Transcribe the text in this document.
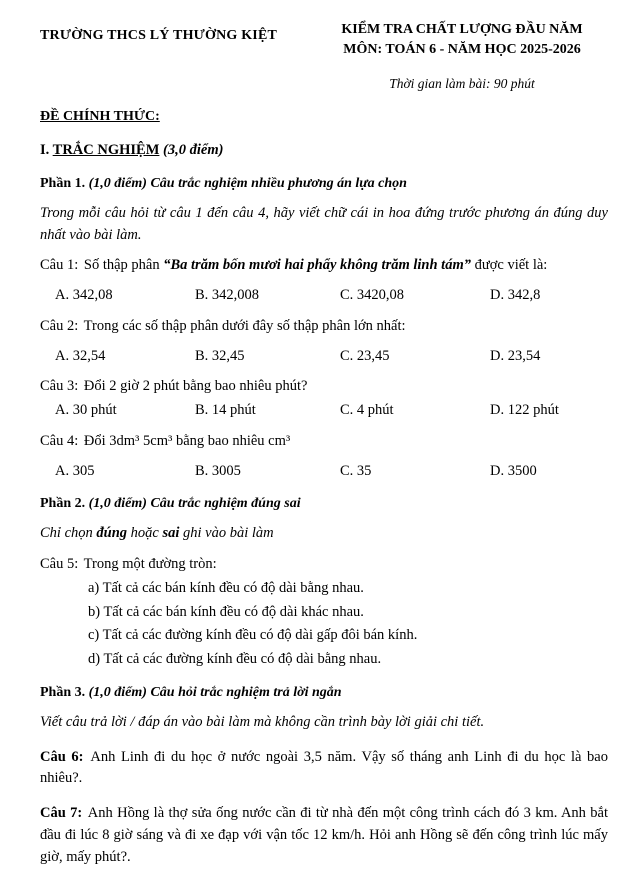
TRƯỜNG THCS LÝ THƯỜNG KIỆT	KIỂM TRA CHẤT LƯỢNG ĐẦU NĂM
MÔN: TOÁN 6 - NĂM HỌC 2025-2026
Thời gian làm bài: 90 phút
ĐỀ CHÍNH THỨC:
I. TRẮC NGHIỆM (3,0 điểm)
Phần 1. (1,0 điểm) Câu trắc nghiệm nhiều phương án lựa chọn

Trong mỗi câu hỏi từ câu 1 đến câu 4, hãy viết chữ cái in hoa đứng trước phương án đúng duy nhất vào bài làm.

Câu 1: Số thập phân “Ba trăm bốn mươi hai phẩy không trăm linh tám” được viết là:

A. 342,08	B. 342,008	C. 3420,08	D. 342,8

Câu 2: Trong các số thập phân dưới đây số thập phân lớn nhất:

A. 32,54	B. 32,45	C. 23,45	D. 23,54

Câu 3: Đổi 2 giờ 2 phút bằng bao nhiêu phút?

A. 30 phút	B. 14 phút	C. 4 phút	D. 122 phút

Câu 4: Đổi 3dm³ 5cm³ bằng bao nhiêu cm³

A. 305	B. 3005	C. 35	D. 3500
Phần 2. (1,0 điểm) Câu trắc nghiệm đúng sai

Chỉ chọn đúng hoặc sai ghi vào bài làm

Câu 5: Trong một đường tròn:

a) Tất cả các bán kính đều có độ dài bằng nhau.

b) Tất cả các bán kính đều có độ dài khác nhau.

c) Tất cả các đường kính đều có độ dài gấp đôi bán kính.

d) Tất cả các đường kính đều có độ dài bằng nhau.

Phần 3. (1,0 điểm) Câu hỏi trắc nghiệm trả lời ngắn

Viết câu trả lời / đáp án vào bài làm mà không cần trình bày lời giải chi tiết.

Câu 6: Anh Linh đi du học ở nước ngoài 3,5 năm. Vậy số tháng anh Linh đi du học là bao nhiêu?.

Câu 7: Anh Hồng là thợ sửa ống nước cần đi từ nhà đến một công trình cách đó 3 km. Anh bắt đầu đi lúc 8 giờ sáng và đi xe đạp với vận tốc 12 km/h. Hỏi anh Hồng sẽ đến công trình lúc mấy giờ, mấy phút?.
